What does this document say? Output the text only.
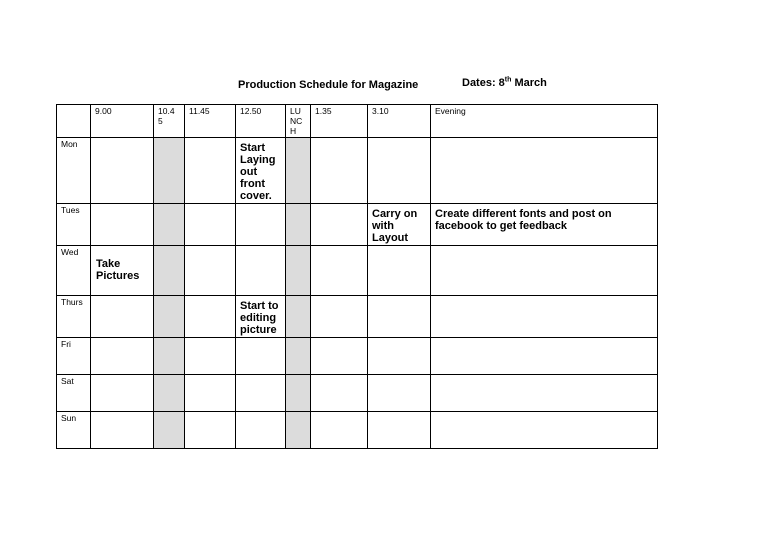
Production Schedule for Magazine	Dates: 8th March
	9.00	10.4 5	11.45	12.50	LU NC H	1.35	3.10	Evening
Mon				Start Laying out front cover.				

Tues							Carry on with Layout	Create different fonts and post on facebook to get feedback

Wed	Take Pictures							

Thurs				Start to editing picture				

Fri								
Sat								
Sun								
